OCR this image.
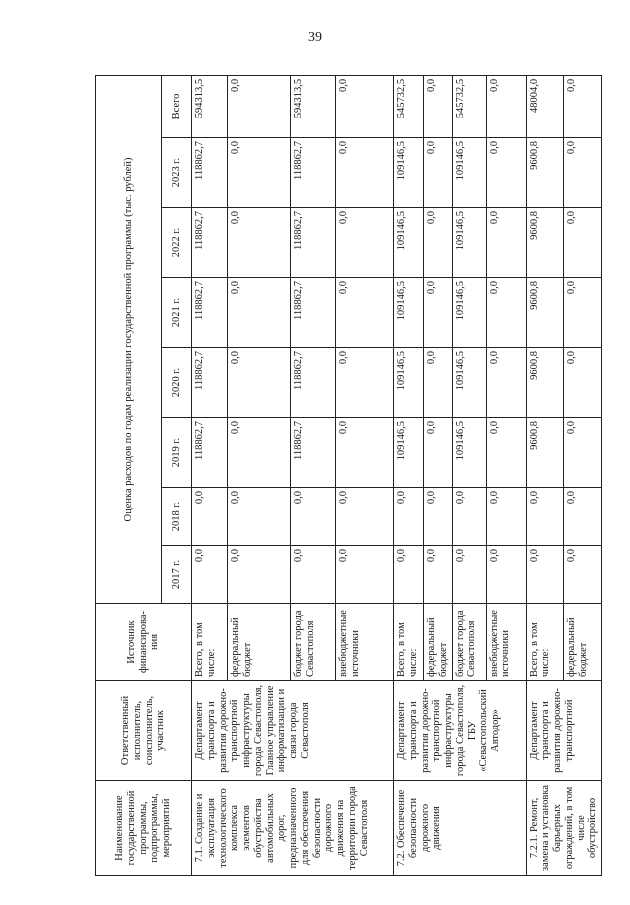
39
Наименование государственной программы, подпрограммы, мероприятий	Ответственный исполнитель, соисполнитель, участник	Источник финансирова-ния	Оценка расходов по годам реализации государственной программы (тыс. рублей)							
			2017 г.	2018 г.	2019 г.	2020 г.	2021 г.	2022 г.	2023 г.	Всего
7.1. Создание и эксплуатация технологического комплекса элементов обустройства автомобильных дорог, предназначенного для обеспечения безопасности дорожного движения на территории города Севастополя	Департамент транспорта и развития дорожно-транспортной инфраструктуры города Севастополя, Главное управление информатизации и связи города Севастополя	Всего, в том числе:	0,0	0,0	118862,7	118862,7	118862,7	118862,7	118862,7	594313,5
		федеральный бюджет	0,0	0,0	0,0	0,0	0,0	0,0	0,0	0,0
		бюджет города Севастополя	0,0	0,0	118862,7	118862,7	118862,7	118862,7	118862,7	594313,5
		внебюджетные источники	0,0	0,0	0,0	0,0	0,0	0,0	0,0	0,0
7.2. Обеспечение безопасности дорожного движения	Департамент транспорта и развития дорожно-транспортной инфраструктуры города Севастополя, ГБУ «Севастопольский Автодор»	Всего, в том числе:	0,0	0,0	109146,5	109146,5	109146,5	109146,5	109146,5	545732,5
		федеральный бюджет	0,0	0,0	0,0	0,0	0,0	0,0	0,0	0,0
		бюджет города Севастополя	0,0	0,0	109146,5	109146,5	109146,5	109146,5	109146,5	545732,5
		внебюджетные источники	0,0	0,0	0,0	0,0	0,0	0,0	0,0	0,0
7.2.1. Ремонт, замена и установка барьерных ограждений, в том числе обустройство	Департамент транспорта и развития дорожно-транспортной	Всего, в том числе:	0,0	0,0	9600,8	9600,8	9600,8	9600,8	9600,8	48004,0
		федеральный бюджет	0,0	0,0	0,0	0,0	0,0	0,0	0,0	0,0
